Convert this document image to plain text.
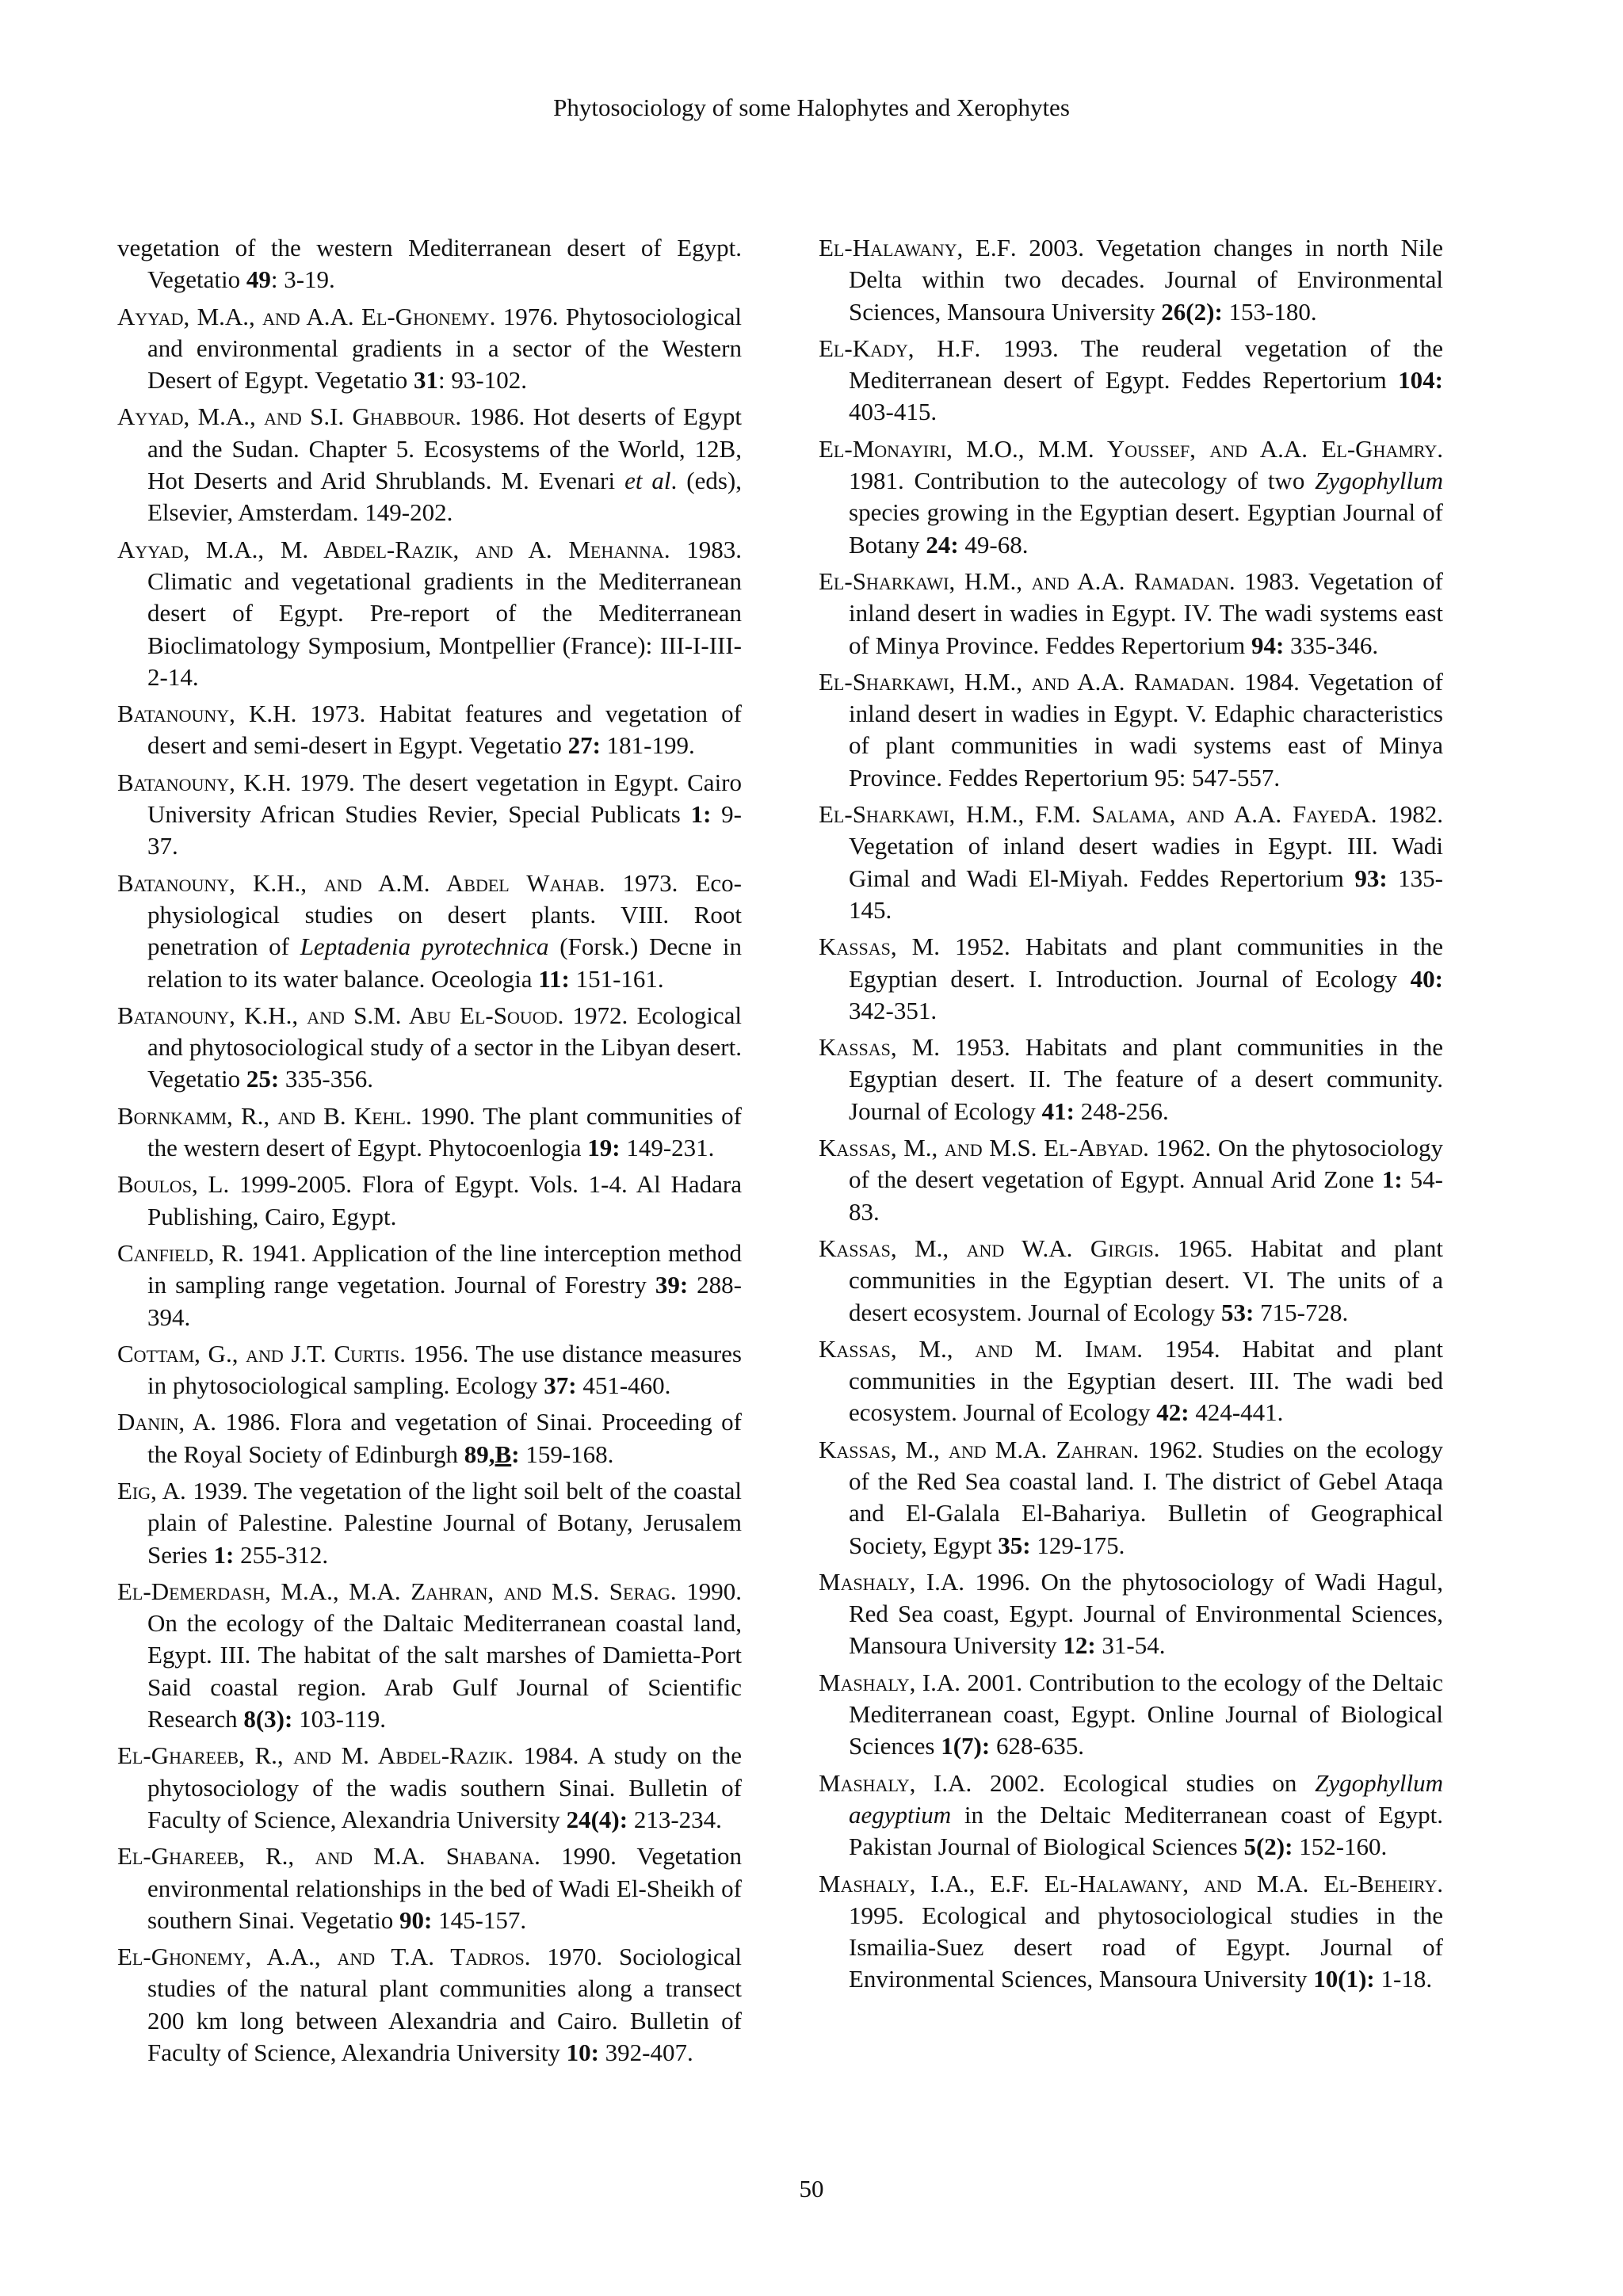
Phytosociology of some Halophytes and Xerophytes

vegetation of the western Mediterranean desert of Egypt. Vegetatio 49: 3-19.

Ayyad, M.A., and A.A. El-Ghonemy. 1976. Phytosociological and environmental gradients in a sector of the Western Desert of Egypt. Vegetatio 31: 93-102.

Ayyad, M.A., and S.I. Ghabbour. 1986. Hot deserts of Egypt and the Sudan. Chapter 5. Ecosystems of the World, 12B, Hot Deserts and Arid Shrublands. M. Evenari et al. (eds), Elsevier, Amsterdam. 149-202.

Ayyad, M.A., M. Abdel-Razik, and A. Mehanna. 1983. Climatic and vegetational gradients in the Mediterranean desert of Egypt. Pre-report of the Mediterranean Bioclimatology Symposium, Montpellier (France): III-I-III-2-14.

Batanouny, K.H. 1973. Habitat features and vegetation of desert and semi-desert in Egypt. Vegetatio 27: 181-199.

Batanouny, K.H. 1979. The desert vegetation in Egypt. Cairo University African Studies Revier, Special Publicats 1: 9-37.

Batanouny, K.H., and A.M. Abdel Wahab. 1973. Eco-physiological studies on desert plants. VIII. Root penetration of Leptadenia pyrotechnica (Forsk.) Decne in relation to its water balance. Oceologia 11: 151-161.

Batanouny, K.H., and S.M. Abu El-Souod. 1972. Ecological and phytosociological study of a sector in the Libyan desert. Vegetatio 25: 335-356.

Bornkamm, R., and B. Kehl. 1990. The plant communities of the western desert of Egypt. Phytocoenlogia 19: 149-231.

Boulos, L. 1999-2005. Flora of Egypt. Vols. 1-4. Al Hadara Publishing, Cairo, Egypt.

Canfield, R. 1941. Application of the line interception method in sampling range vegetation. Journal of Forestry 39: 288- 394.

Cottam, G., and J.T. Curtis. 1956. The use distance measures in phytosociological sampling. Ecology 37: 451-460.

Danin, A. 1986. Flora and vegetation of Sinai. Proceeding of the Royal Society of Edinburgh 89,B: 159-168.

Eig, A. 1939. The vegetation of the light soil belt of the coastal plain of Palestine. Palestine Journal of Botany, Jerusalem Series 1: 255-312.

El-Demerdash, M.A., M.A. Zahran, and M.S. Serag. 1990. On the ecology of the Daltaic Mediterranean coastal land, Egypt. III. The habitat of the salt marshes of Damietta-Port Said coastal region. Arab Gulf Journal of Scientific Research 8(3): 103-119.

El-Ghareeb, R., and M. Abdel-Razik. 1984. A study on the phytosociology of the wadis southern Sinai. Bulletin of Faculty of Science, Alexandria University 24(4): 213-234.

El-Ghareeb, R., and M.A. Shabana. 1990. Vegetation environmental relationships in the bed of Wadi El-Sheikh of southern Sinai. Vegetatio 90: 145-157.

El-Ghonemy, A.A., and T.A. Tadros. 1970. Sociological studies of the natural plant communities along a transect 200 km long between Alexandria and Cairo. Bulletin of Faculty of Science, Alexandria University 10: 392-407.

El-Halawany, E.F. 2003. Vegetation changes in north Nile Delta within two decades. Journal of Environmental Sciences, Mansoura University 26(2): 153-180.

El-Kady, H.F. 1993. The reuderal vegetation of the Mediterranean desert of Egypt. Feddes Repertorium 104: 403-415.

El-Monayiri, M.O., M.M. Youssef, and A.A. El-Ghamry. 1981. Contribution to the autecology of two Zygophyllum species growing in the Egyptian desert. Egyptian Journal of Botany 24: 49-68.

El-Sharkawi, H.M., and A.A. Ramadan. 1983. Vegetation of inland desert in wadies in Egypt. IV. The wadi systems east of Minya Province. Feddes Repertorium 94: 335-346.

El-Sharkawi, H.M., and A.A. Ramadan. 1984. Vegetation of inland desert in wadies in Egypt. V. Edaphic characteristics of plant communities in wadi systems east of Minya Province. Feddes Repertorium 95: 547-557.

El-Sharkawi, H.M., F.M. Salama, and A.A. FayedA. 1982. Vegetation of inland desert wadies in Egypt. III. Wadi Gimal and Wadi El-Miyah. Feddes Repertorium 93: 135-145.

Kassas, M. 1952. Habitats and plant communities in the Egyptian desert. I. Introduction. Journal of Ecology 40: 342-351.

Kassas, M. 1953. Habitats and plant communities in the Egyptian desert. II. The feature of a desert community. Journal of Ecology 41: 248-256.

Kassas, M., and M.S. El-Abyad. 1962. On the phytosociology of the desert vegetation of Egypt. Annual Arid Zone 1: 54-83.

Kassas, M., and W.A. Girgis. 1965. Habitat and plant communities in the Egyptian desert. VI. The units of a desert ecosystem. Journal of Ecology 53: 715-728.

Kassas, M., and M. Imam. 1954. Habitat and plant communities in the Egyptian desert. III. The wadi bed ecosystem. Journal of Ecology 42: 424-441.

Kassas, M., and M.A. Zahran. 1962. Studies on the ecology of the Red Sea coastal land. I. The district of Gebel Ataqa and El-Galala El-Bahariya. Bulletin of Geographical Society, Egypt 35: 129-175.

Mashaly, I.A. 1996. On the phytosociology of Wadi Hagul, Red Sea coast, Egypt. Journal of Environmental Sciences, Mansoura University 12: 31-54.

Mashaly, I.A. 2001. Contribution to the ecology of the Deltaic Mediterranean coast, Egypt. Online Journal of Biological Sciences 1(7): 628-635.

Mashaly, I.A. 2002. Ecological studies on Zygophyllum aegyptium in the Deltaic Mediterranean coast of Egypt. Pakistan Journal of Biological Sciences 5(2): 152-160.

Mashaly, I.A., E.F. El-Halawany, and M.A. El-Beheiry. 1995. Ecological and phytosociological studies in the Ismailia-Suez desert road of Egypt. Journal of Environmental Sciences, Mansoura University 10(1): 1-18.

50
